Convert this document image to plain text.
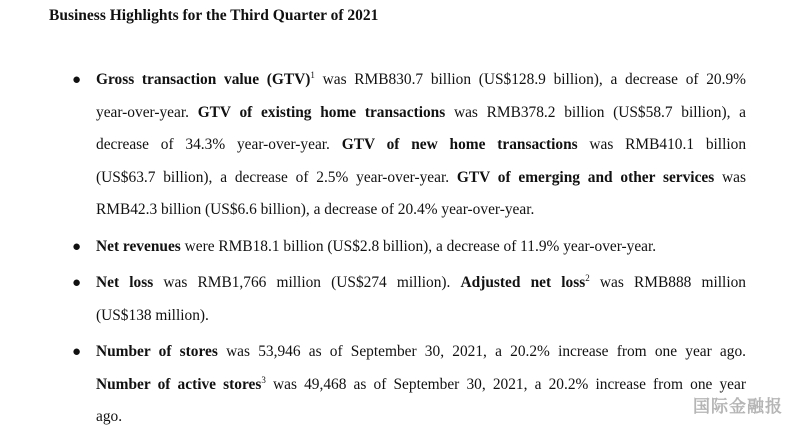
Business Highlights for the Third Quarter of 2021
● Gross transaction value (GTV)$^1$ was RMB830.7 billion (US$128.9 billion), a decrease of 20.9%
year-over-year. GTV of existing home transactions was RMB378.2 billion (US$58.7 billion), a
decrease of 34.3% year-over-year. GTV of new home transactions was RMB410.1 billion
(US$63.7 billion), a decrease of 2.5% year-over-year. GTV of emerging and other services was
RMB42.3 billion (US$6.6 billion), a decrease of 20.4% year-over-year.
● Net revenues were RMB18.1 billion (US$2.8 billion), a decrease of 11.9% year-over-year.
● Net loss was RMB1,766 million (US$274 million). Adjusted net loss$^2$ was RMB888 million
(US$138 million).
● Number of stores was 53,946 as of September 30, 2021, a 20.2% increase from one year ago.
Number of active stores$^3$ was 49,468 as of September 30, 2021, a 20.2% increase from one year
ago.	国际金融报
